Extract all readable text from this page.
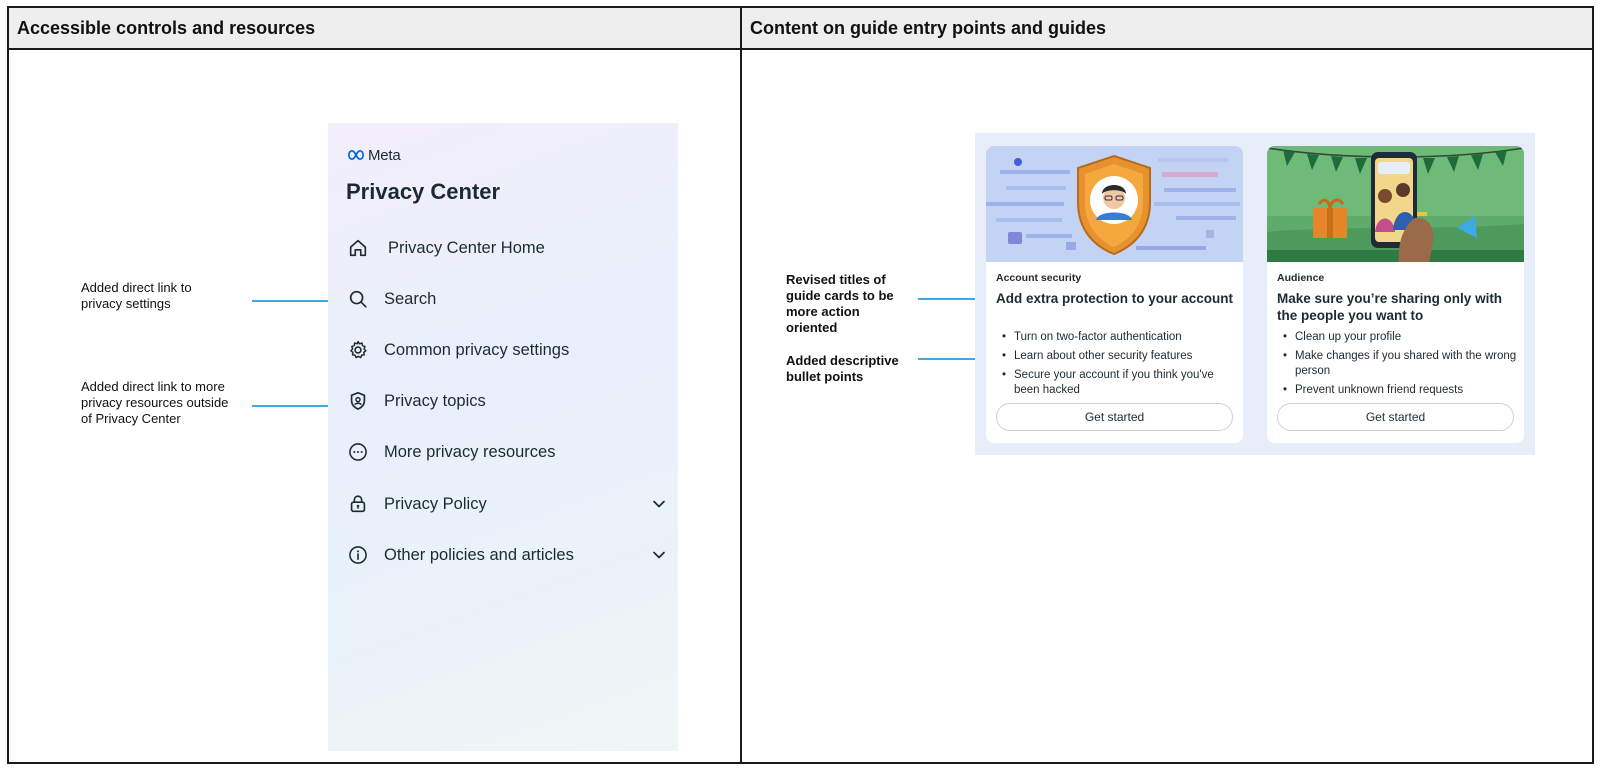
Accessible controls and resources	Content on guide entry points and guides
Added direct link to
privacy settings
Added direct link to more
privacy resources outside
of Privacy Center
Meta
Privacy Center
Privacy Center Home
Search
Common privacy settings
Privacy topics
More privacy resources
Privacy Policy
Other policies and articles
Revised titles of
guide cards to be
more action
oriented
Added descriptive
bullet points
Account security
Add extra protection to your account
• Turn on two-factor authentication
• Learn about other security features
• Secure your account if you think you've been hacked
Get started
Audience
Make sure you’re sharing only with the people you want to
• Clean up your profile
• Make changes if you shared with the wrong person
• Prevent unknown friend requests
Get started
